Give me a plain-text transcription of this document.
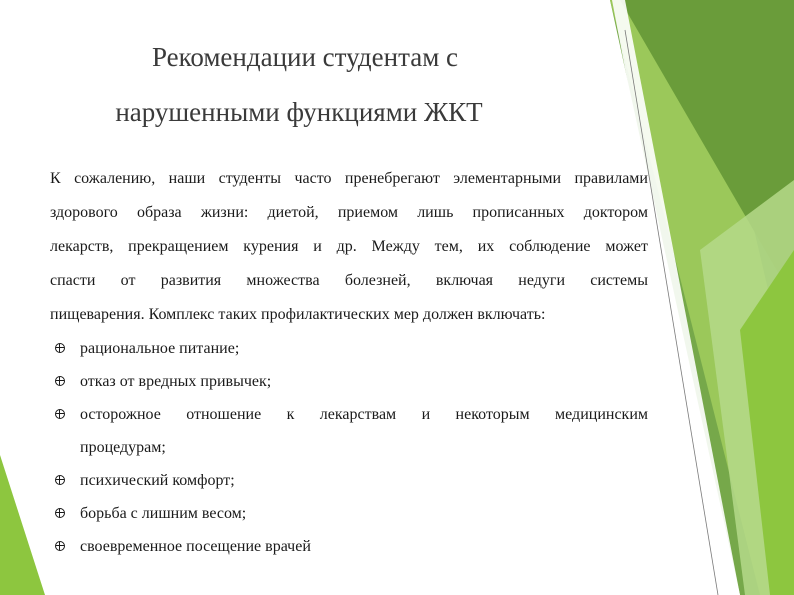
Рекомендации студентам с
нарушенными функциями ЖКТ
К сожалению, наши студенты часто пренебрегают элементарными правилами
здорового образа жизни: диетой, приемом лишь прописанных доктором
лекарств, прекращением курения и др. Между тем, их соблюдение может
спасти от развития множества болезней, включая недуги системы
пищеварения. Комплекс таких профилактических мер должен включать:
рациональное питание;
отказ от вредных привычек;
осторожное отношение к лекарствам и некоторым медицинским
процедурам;
психический комфорт;
борьба с лишним весом;
своевременное посещение врачей
